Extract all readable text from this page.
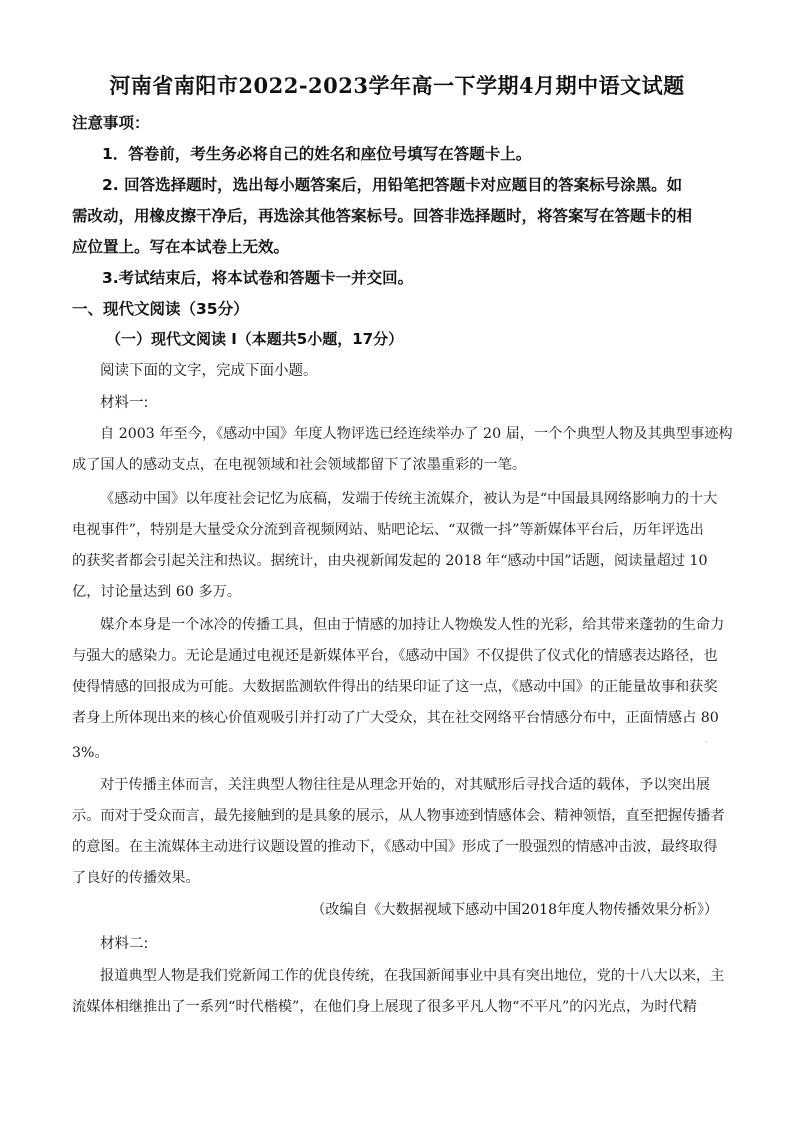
河南省南阳市2022-2023学年高一下学期4月期中语文试题
注意事项：
1．答卷前，考生务必将自己的姓名和座位号填写在答题卡上。
2. 回答选择题时，选出每小题答案后，用铅笔把答题卡对应题目的答案标号涂黑。如
需改动，用橡皮擦干净后，再选涂其他答案标号。回答非选择题时，将答案写在答题卡的相
应位置上。写在本试卷上无效。
3.考试结束后，将本试卷和答题卡一并交回。
一、现代文阅读（35分）
（一）现代文阅读 I（本题共5小题，17分）
阅读下面的文字，完成下面小题。
材料一:
自 2003 年至今，《感动中国》年度人物评选已经连续举办了 20 届，一个个典型人物及其典型事迹构
成了国人的感动支点，在电视领域和社会领域都留下了浓墨重彩的一笔。
《感动中国》以年度社会记忆为底稿，发端于传统主流媒介，被认为是“中国最具网络影响力的十大
电视事件”，特别是大量受众分流到音视频网站、贴吧论坛、“双微一抖”等新媒体平台后，历年评选出
的获奖者都会引起关注和热议。据统计，由央视新闻发起的 2018 年“感动中国”话题，阅读量超过 10
亿，讨论量达到 60 多万。
媒介本身是一个冰冷的传播工具，但由于情感的加持让人物焕发人性的光彩，给其带来蓬勃的生命力
与强大的感染力。无论是通过电视还是新媒体平台，《感动中国》不仅提供了仪式化的情感表达路径，也
使得情感的回报成为可能。大数据监测软件得出的结果印证了这一点，《感动中国》的正能量故事和获奖
者身上所体现出来的核心价值观吸引并打动了广大受众，其在社交网络平台情感分布中，正面情感占 80
3%。
·
对于传播主体而言，关注典型人物往往是从理念开始的，对其赋形后寻找合适的载体，予以突出展
示。而对于受众而言，最先接触到的是具象的展示，从人物事迹到情感体会、精神领悟，直至把握传播者
的意图。在主流媒体主动进行议题设置的推动下，《感动中国》形成了一股强烈的情感冲击波，最终取得
了良好的传播效果。
（改编自《大数据视域下感动中国2018年度人物传播效果分析》）
材料二:
报道典型人物是我们党新闻工作的优良传统，在我国新闻事业中具有突出地位，党的十八大以来，主
流媒体相继推出了一系列“时代楷模”，在他们身上展现了很多平凡人物“不平凡”的闪光点，为时代精
